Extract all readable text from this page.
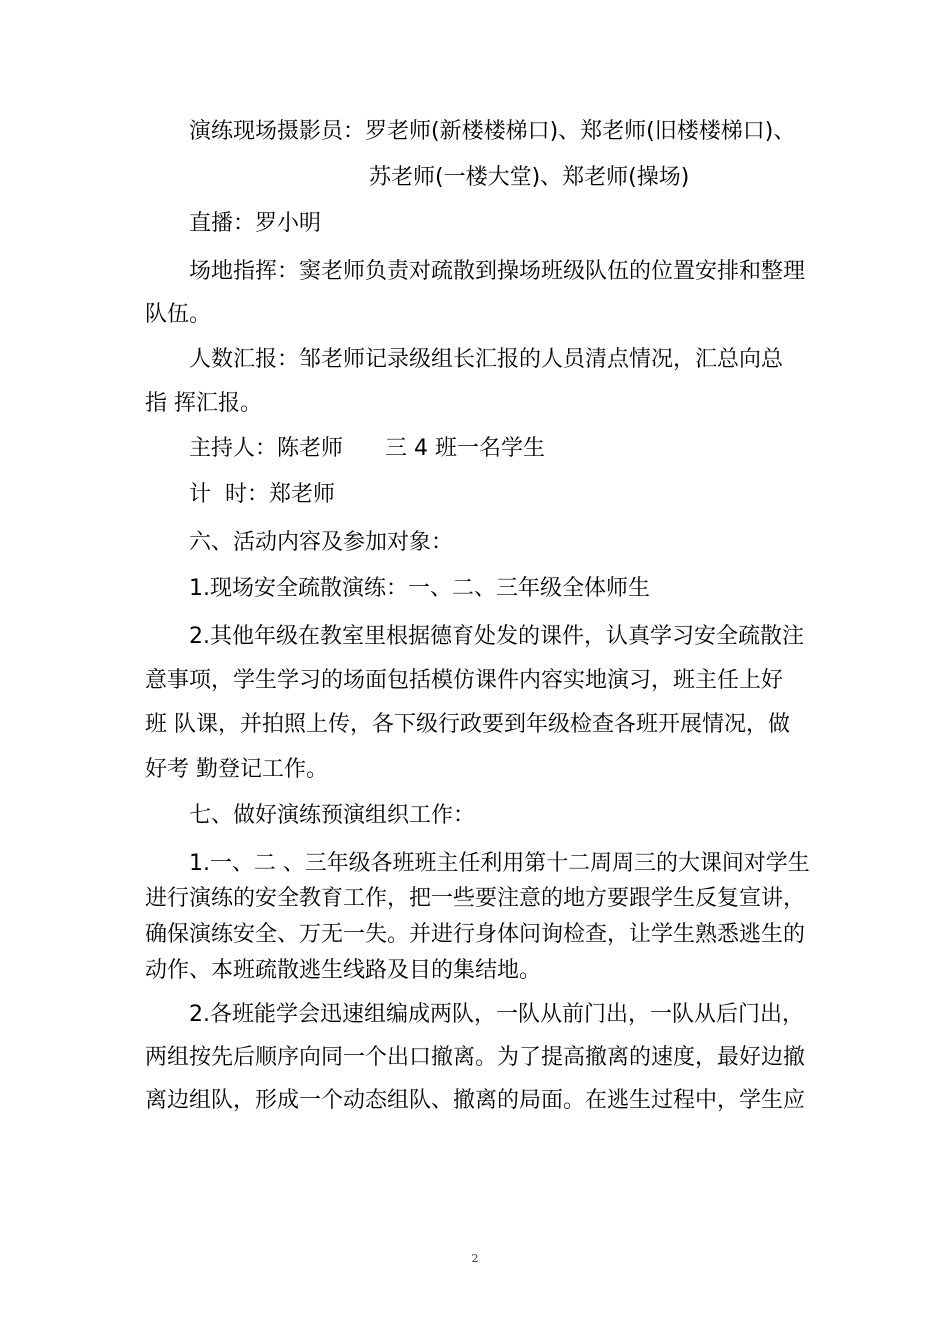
演练现场摄影员：罗老师(新楼楼梯口)、郑老师(旧楼楼梯口)、
苏老师(一楼大堂)、郑老师(操场)
直播：罗小明
场地指挥：窦老师负责对疏散到操场班级队伍的位置安排和整理
队伍。
人数汇报：邹老师记录级组长汇报的人员清点情况，汇总向总
指 挥汇报。
主持人：陈老师      三 4 班一名学生
计  时：郑老师
六、活动内容及参加对象：
1.现场安全疏散演练：一、二、三年级全体师生
2.其他年级在教室里根据德育处发的课件，认真学习安全疏散注
意事项，学生学习的场面包括模仿课件内容实地演习，班主任上好
班 队课，并拍照上传，各下级行政要到年级检查各班开展情况，做
好考 勤登记工作。
七、做好演练预演组织工作：
1.一、二 、三年级各班班主任利用第十二周周三的大课间对学生
进行演练的安全教育工作，把一些要注意的地方要跟学生反复宣讲，
确保演练安全、万无一失。并进行身体问询检查，让学生熟悉逃生的
动作、本班疏散逃生线路及目的集结地。
2.各班能学会迅速组编成两队，一队从前门出，一队从后门出，
两组按先后顺序向同一个出口撤离。为了提高撤离的速度，最好边撤
离边组队，形成一个动态组队、撤离的局面。在逃生过程中，学生应
2
